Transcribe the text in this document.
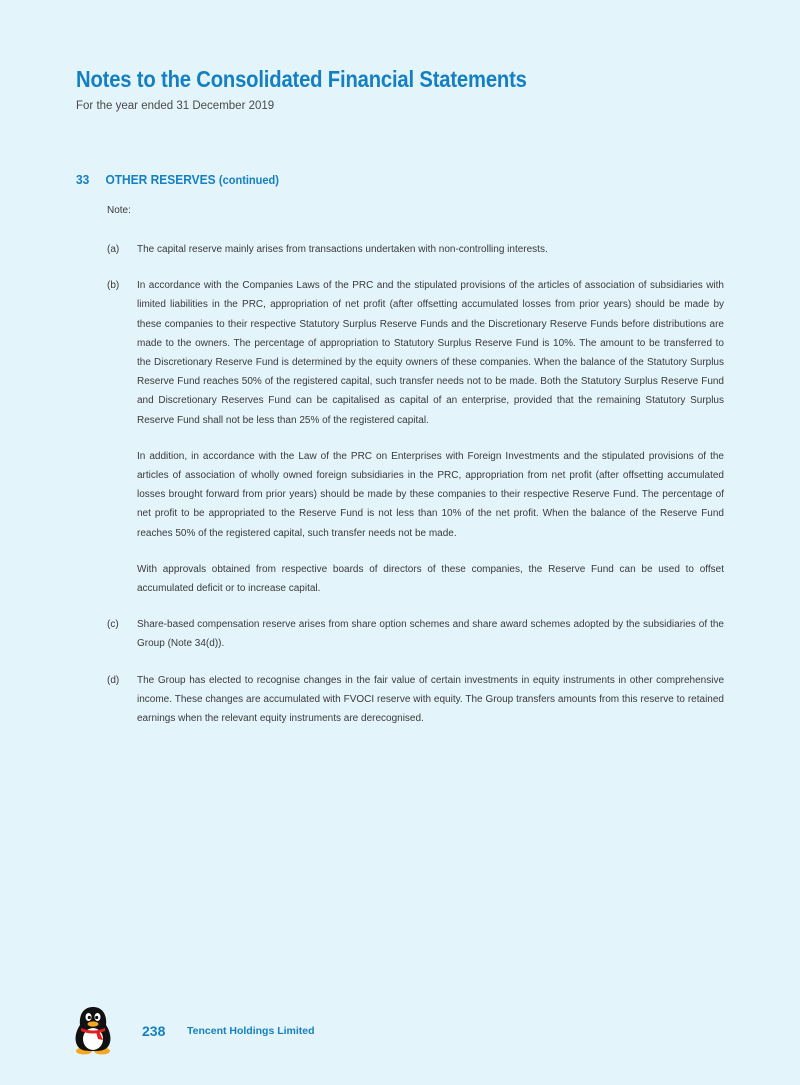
Notes to the Consolidated Financial Statements
For the year ended 31 December 2019
33 OTHER RESERVES (continued)
Note:
(a)	The capital reserve mainly arises from transactions undertaken with non-controlling interests.

(b)	In accordance with the Companies Laws of the PRC and the stipulated provisions of the articles of association of subsidiaries with limited liabilities in the PRC, appropriation of net profit (after offsetting accumulated losses from prior years) should be made by these companies to their respective Statutory Surplus Reserve Funds and the Discretionary Reserve Funds before distributions are made to the owners. The percentage of appropriation to Statutory Surplus Reserve Fund is 10%. The amount to be transferred to the Discretionary Reserve Fund is determined by the equity owners of these companies. When the balance of the Statutory Surplus Reserve Fund reaches 50% of the registered capital, such transfer needs not to be made. Both the Statutory Surplus Reserve Fund and Discretionary Reserves Fund can be capitalised as capital of an enterprise, provided that the remaining Statutory Surplus Reserve Fund shall not be less than 25% of the registered capital.

In addition, in accordance with the Law of the PRC on Enterprises with Foreign Investments and the stipulated provisions of the articles of association of wholly owned foreign subsidiaries in the PRC, appropriation from net profit (after offsetting accumulated losses brought forward from prior years) should be made by these companies to their respective Reserve Fund. The percentage of net profit to be appropriated to the Reserve Fund is not less than 10% of the net profit. When the balance of the Reserve Fund reaches 50% of the registered capital, such transfer needs not be made.

With approvals obtained from respective boards of directors of these companies, the Reserve Fund can be used to offset accumulated deficit or to increase capital.

(c)	Share-based compensation reserve arises from share option schemes and share award schemes adopted by the subsidiaries of the Group (Note 34(d)).

(d)	The Group has elected to recognise changes in the fair value of certain investments in equity instruments in other comprehensive income. These changes are accumulated with FVOCI reserve with equity. The Group transfers amounts from this reserve to retained earnings when the relevant equity instruments are derecognised.

238 Tencent Holdings Limited
